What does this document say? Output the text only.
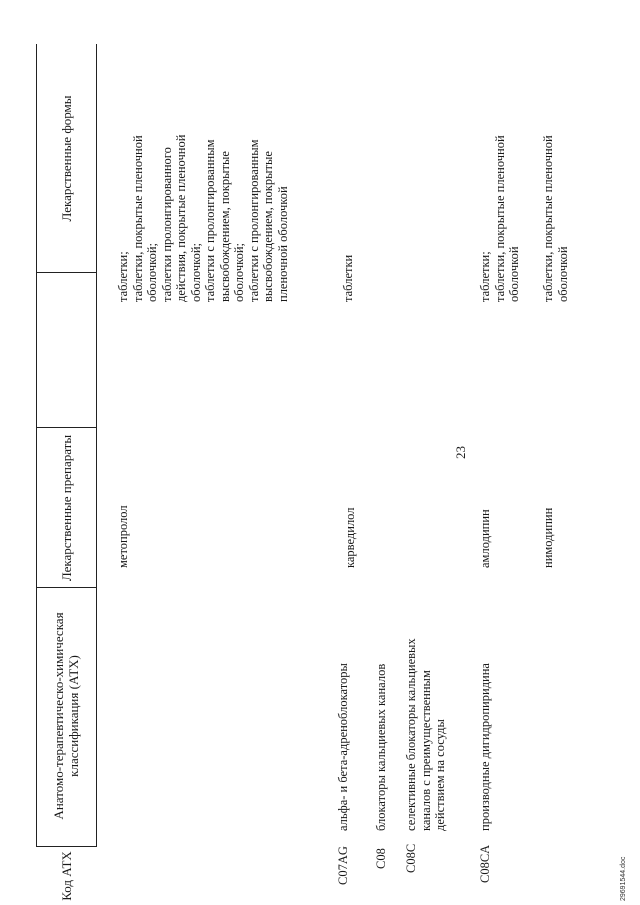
23
Код АТХ
Анатомо-терапевтическо-химическая классификация (АТХ)
Лекарственные препараты
Лекарственные формы
метопролол
таблетки; таблетки, покрытые пленочной оболочкой; таблетки пролонгированного действия, покрытые пленочной оболочкой; таблетки с пролонгированным высвобождением, покрытые оболочкой; таблетки с пролонгированным высвобождением, покрытые пленочной оболочкой
C07AG
альфа- и бета-адреноблокаторы
карведилол
таблетки
C08
блокаторы кальциевых каналов
C08C
селективные блокаторы кальциевых каналов с преимущественным действием на сосуды
C08CA
производные дигидропиридина
амлодипин
таблетки; таблетки, покрытые пленочной оболочкой
нимодипин
таблетки, покрытые пленочной оболочкой
29691544.doc
